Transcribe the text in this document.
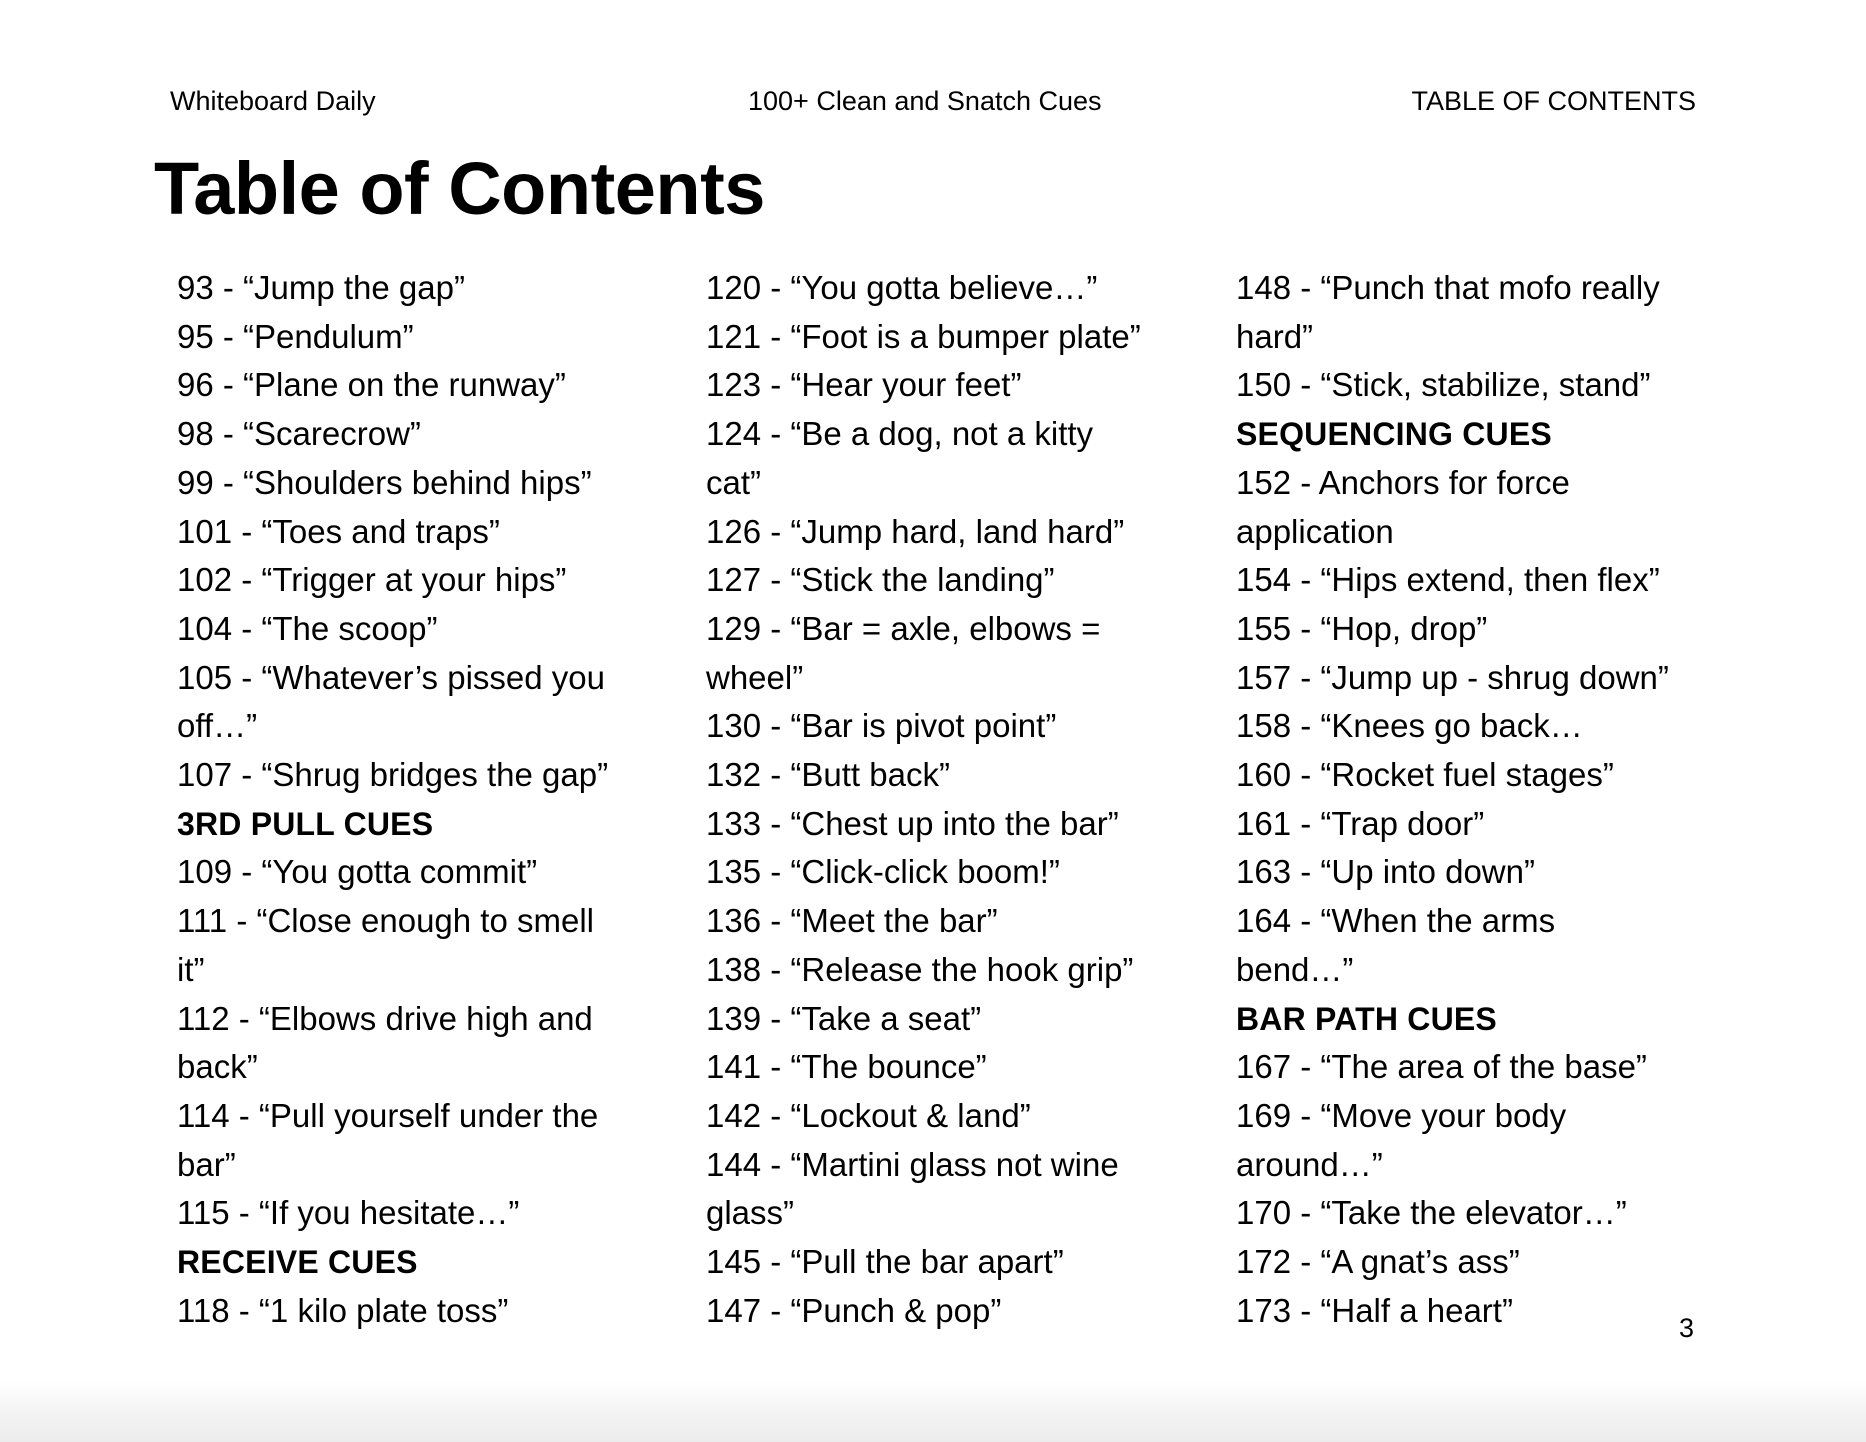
Whiteboard Daily	100+ Clean and Snatch Cues	TABLE OF CONTENTS
Table of Contents
93 - “Jump the gap”
95 - “Pendulum”
96 - “Plane on the runway”
98 - “Scarecrow”
99 - “Shoulders behind hips”
101 - “Toes and traps”
102 - “Trigger at your hips”
104 - “The scoop”
105 - “Whatever’s pissed you
off…”
107 - “Shrug bridges the gap”
3RD PULL CUES
109 - “You gotta commit”
111 - “Close enough to smell
it”
112 - “Elbows drive high and
back”
114 - “Pull yourself under the
bar”
115 - “If you hesitate…”
RECEIVE CUES
118 - “1 kilo plate toss”
120 - “You gotta believe…”
121 - “Foot is a bumper plate”
123 - “Hear your feet”
124 - “Be a dog, not a kitty
cat”
126 - “Jump hard, land hard”
127 - “Stick the landing”
129 - “Bar = axle, elbows =
wheel”
130 - “Bar is pivot point”
132 - “Butt back”
133 - “Chest up into the bar”
135 - “Click-click boom!”
136 - “Meet the bar”
138 - “Release the hook grip”
139 - “Take a seat”
141 - “The bounce”
142 - “Lockout & land”
144 - “Martini glass not wine
glass”
145 - “Pull the bar apart”
147 - “Punch & pop”
148 - “Punch that mofo really
hard”
150 - “Stick, stabilize, stand”
SEQUENCING CUES
152 - Anchors for force
application
154 - “Hips extend, then flex”
155 - “Hop, drop”
157 - “Jump up - shrug down”
158 - “Knees go back…
160 - “Rocket fuel stages”
161 - “Trap door”
163 - “Up into down”
164 - “When the arms
bend…”
BAR PATH CUES
167 - “The area of the base”
169 - “Move your body
around…”
170 - “Take the elevator…”
172 - “A gnat’s ass”
173 - “Half a heart”	3
